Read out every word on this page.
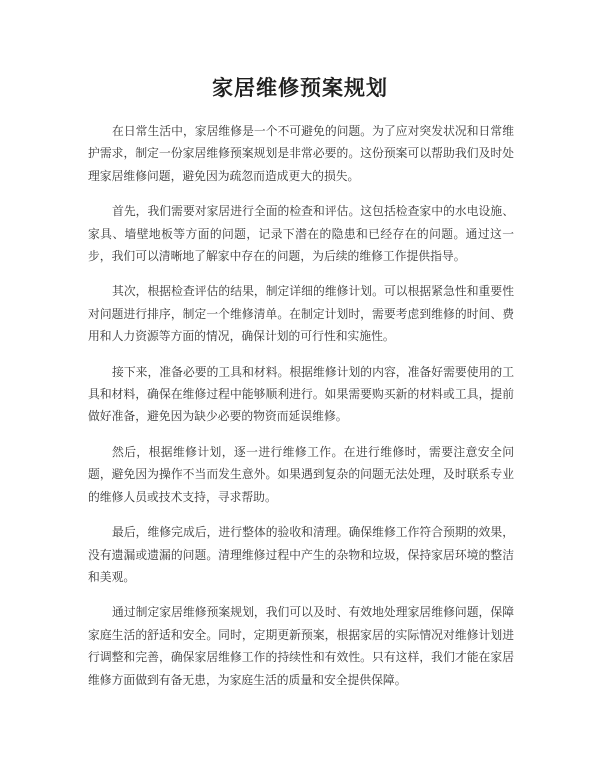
家居维修预案规划

在日常生活中，家居维修是一个不可避免的问题。为了应对突发状况和日常维护需求，制定一份家居维修预案规划是非常必要的。这份预案可以帮助我们及时处理家居维修问题，避免因为疏忽而造成更大的损失。

首先，我们需要对家居进行全面的检查和评估。这包括检查家中的水电设施、家具、墙壁地板等方面的问题，记录下潜在的隐患和已经存在的问题。通过这一步，我们可以清晰地了解家中存在的问题，为后续的维修工作提供指导。

其次，根据检查评估的结果，制定详细的维修计划。可以根据紧急性和重要性对问题进行排序，制定一个维修清单。在制定计划时，需要考虑到维修的时间、费用和人力资源等方面的情况，确保计划的可行性和实施性。

接下来，准备必要的工具和材料。根据维修计划的内容，准备好需要使用的工具和材料，确保在维修过程中能够顺利进行。如果需要购买新的材料或工具，提前做好准备，避免因为缺少必要的物资而延误维修。

然后，根据维修计划，逐一进行维修工作。在进行维修时，需要注意安全问题，避免因为操作不当而发生意外。如果遇到复杂的问题无法处理，及时联系专业的维修人员或技术支持，寻求帮助。

最后，维修完成后，进行整体的验收和清理。确保维修工作符合预期的效果，没有遗漏或遗漏的问题。清理维修过程中产生的杂物和垃圾，保持家居环境的整洁和美观。

通过制定家居维修预案规划，我们可以及时、有效地处理家居维修问题，保障家庭生活的舒适和安全。同时，定期更新预案，根据家居的实际情况对维修计划进行调整和完善，确保家居维修工作的持续性和有效性。只有这样，我们才能在家居维修方面做到有备无患，为家庭生活的质量和安全提供保障。
